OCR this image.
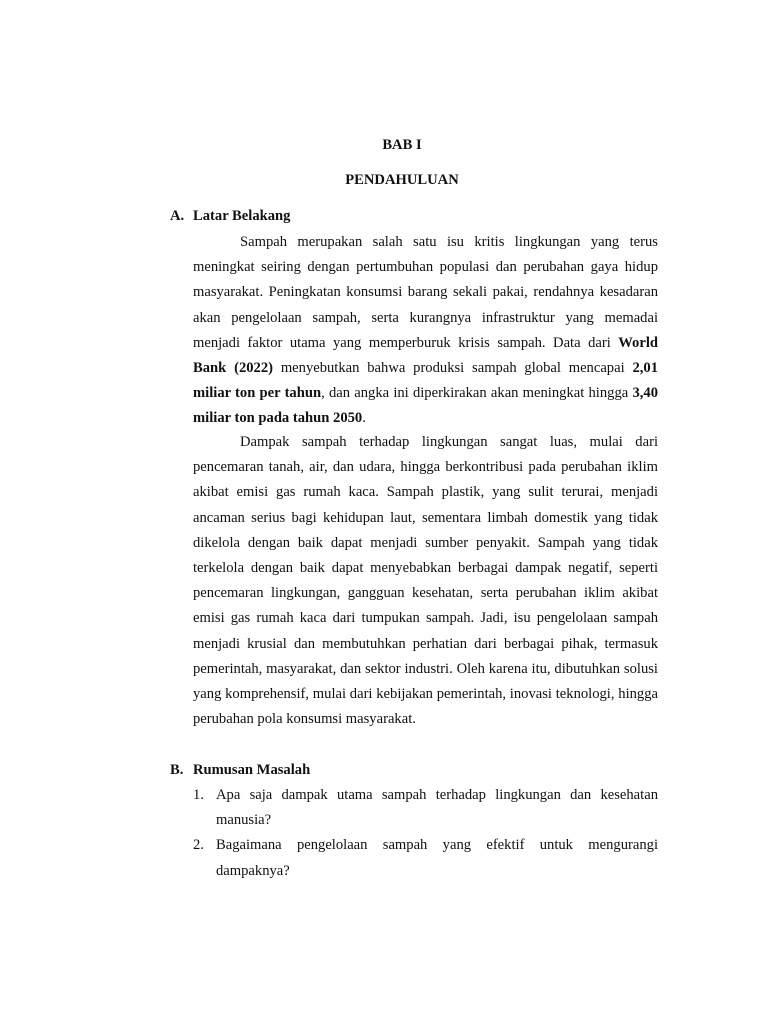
BAB I
PENDAHULUAN
A. Latar Belakang

Sampah merupakan salah satu isu kritis lingkungan yang terus meningkat seiring dengan pertumbuhan populasi dan perubahan gaya hidup masyarakat. Peningkatan konsumsi barang sekali pakai, rendahnya kesadaran akan pengelolaan sampah, serta kurangnya infrastruktur yang memadai menjadi faktor utama yang memperburuk krisis sampah. Data dari World Bank (2022) menyebutkan bahwa produksi sampah global mencapai 2,01 miliar ton per tahun, dan angka ini diperkirakan akan meningkat hingga 3,40 miliar ton pada tahun 2050.

Dampak sampah terhadap lingkungan sangat luas, mulai dari pencemaran tanah, air, dan udara, hingga berkontribusi pada perubahan iklim akibat emisi gas rumah kaca. Sampah plastik, yang sulit terurai, menjadi ancaman serius bagi kehidupan laut, sementara limbah domestik yang tidak dikelola dengan baik dapat menjadi sumber penyakit. Sampah yang tidak terkelola dengan baik dapat menyebabkan berbagai dampak negatif, seperti pencemaran lingkungan, gangguan kesehatan, serta perubahan iklim akibat emisi gas rumah kaca dari tumpukan sampah. Jadi, isu pengelolaan sampah menjadi krusial dan membutuhkan perhatian dari berbagai pihak, termasuk pemerintah, masyarakat, dan sektor industri. Oleh karena itu, dibutuhkan solusi yang komprehensif, mulai dari kebijakan pemerintah, inovasi teknologi, hingga perubahan pola konsumsi masyarakat.

B. Rumusan Masalah
1. Apa saja dampak utama sampah terhadap lingkungan dan kesehatan manusia?
2. Bagaimana pengelolaan sampah yang efektif untuk mengurangi dampaknya?
